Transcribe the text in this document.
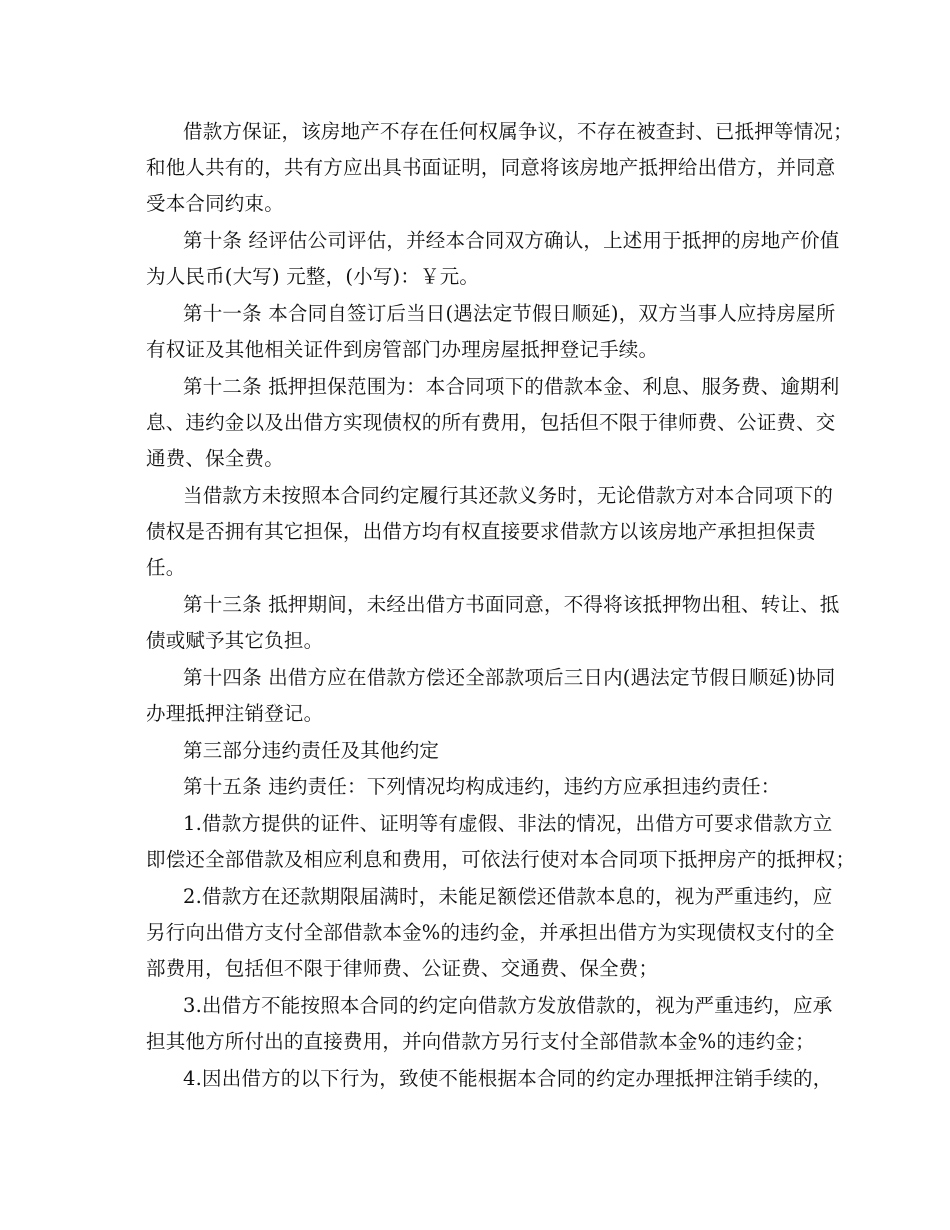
借款方保证，该房地产不存在任何权属争议，不存在被查封、已抵押等情况；
和他人共有的，共有方应出具书面证明，同意将该房地产抵押给出借方，并同意
受本合同约束。
第十条 经评估公司评估，并经本合同双方确认，上述用于抵押的房地产价值
为人民币(大写) 元整，(小写)：￥元。
第十一条 本合同自签订后当日(遇法定节假日顺延)，双方当事人应持房屋所
有权证及其他相关证件到房管部门办理房屋抵押登记手续。
第十二条 抵押担保范围为：本合同项下的借款本金、利息、服务费、逾期利
息、违约金以及出借方实现债权的所有费用，包括但不限于律师费、公证费、交
通费、保全费。
当借款方未按照本合同约定履行其还款义务时，无论借款方对本合同项下的
债权是否拥有其它担保，出借方均有权直接要求借款方以该房地产承担担保责
任。
第十三条 抵押期间，未经出借方书面同意，不得将该抵押物出租、转让、抵
债或赋予其它负担。
第十四条 出借方应在借款方偿还全部款项后三日内(遇法定节假日顺延)协同
办理抵押注销登记。
第三部分违约责任及其他约定
第十五条 违约责任：下列情况均构成违约，违约方应承担违约责任：
1.借款方提供的证件、证明等有虚假、非法的情况，出借方可要求借款方立
即偿还全部借款及相应利息和费用，可依法行使对本合同项下抵押房产的抵押权；
2.借款方在还款期限届满时，未能足额偿还借款本息的，视为严重违约，应
另行向出借方支付全部借款本金%的违约金，并承担出借方为实现债权支付的全
部费用，包括但不限于律师费、公证费、交通费、保全费；
3.出借方不能按照本合同的约定向借款方发放借款的，视为严重违约，应承
担其他方所付出的直接费用，并向借款方另行支付全部借款本金%的违约金；
4.因出借方的以下行为，致使不能根据本合同的约定办理抵押注销手续的，
